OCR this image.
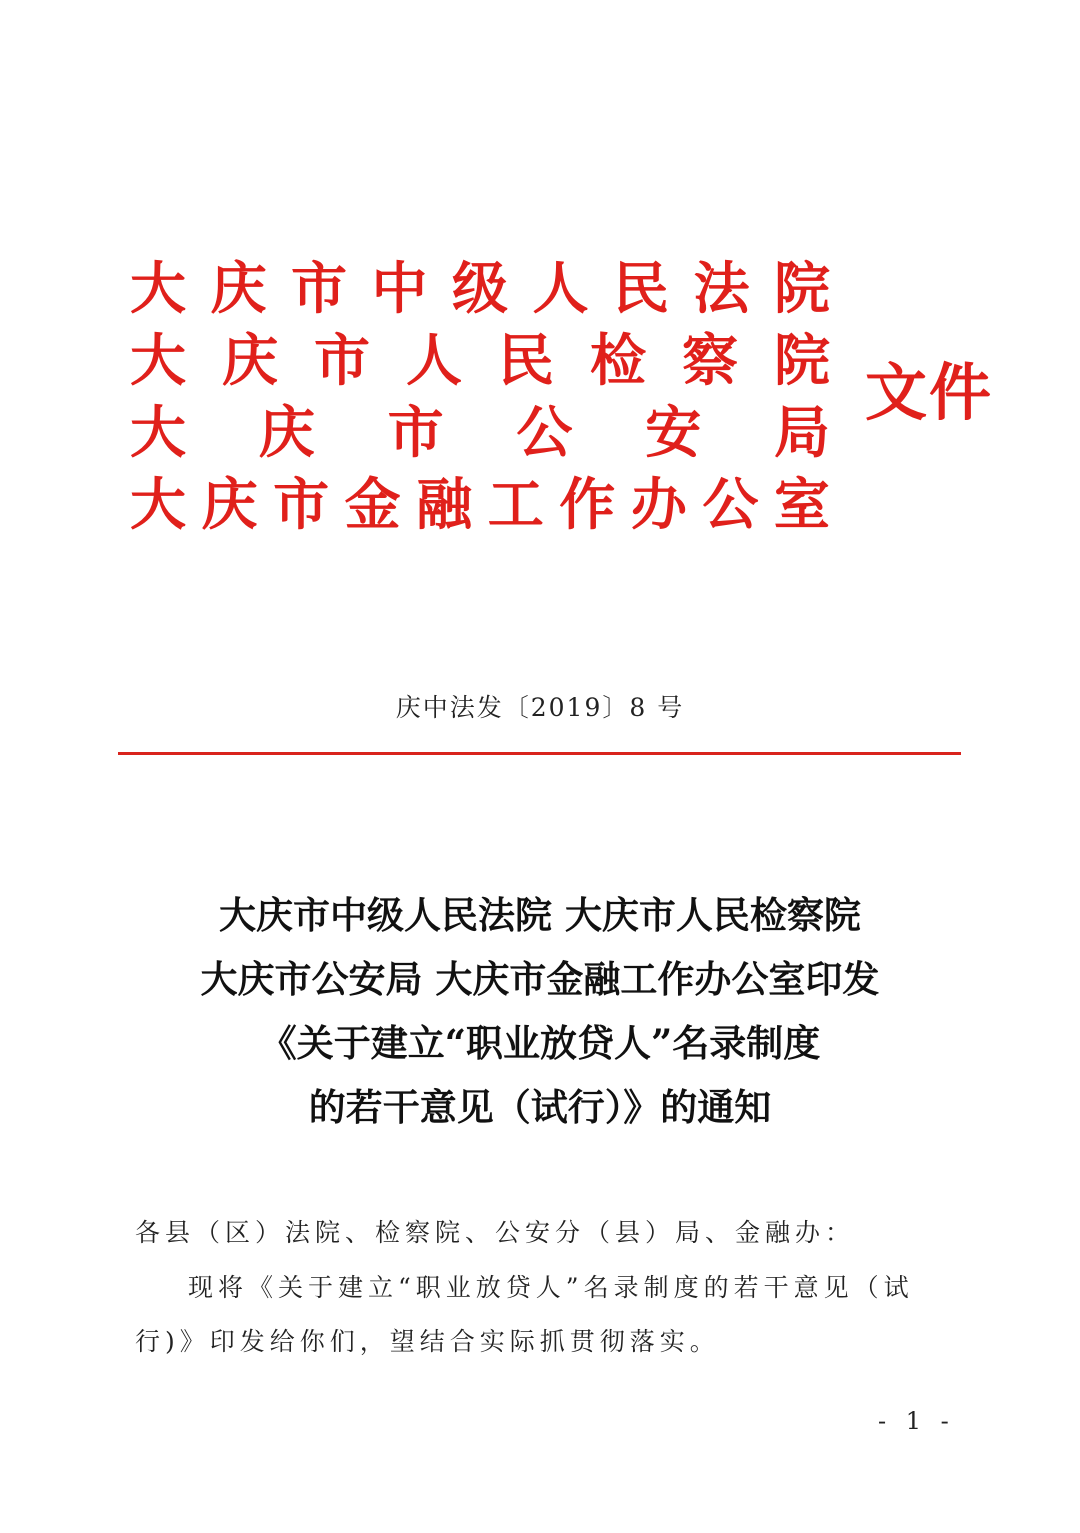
大 庆 市 中 级 人 民 法 院
大 庆 市 人 民 检 察 院
大 庆 市 公 安 局
大 庆 市 金 融 工 作 办 公 室
文件
庆中法发〔2019〕8 号
大庆市中级人民法院 大庆市人民检察院
大庆市公安局 大庆市金融工作办公室印发
《关于建立“职业放贷人”名录制度
的若干意见（试行）》的通知
各县（区）法院、检察院、公安分（县）局、金融办：
现将《关于建立“职业放贷人”名录制度的若干意见（试
行)》印发给你们，望结合实际抓贯彻落实。
- 1 -
